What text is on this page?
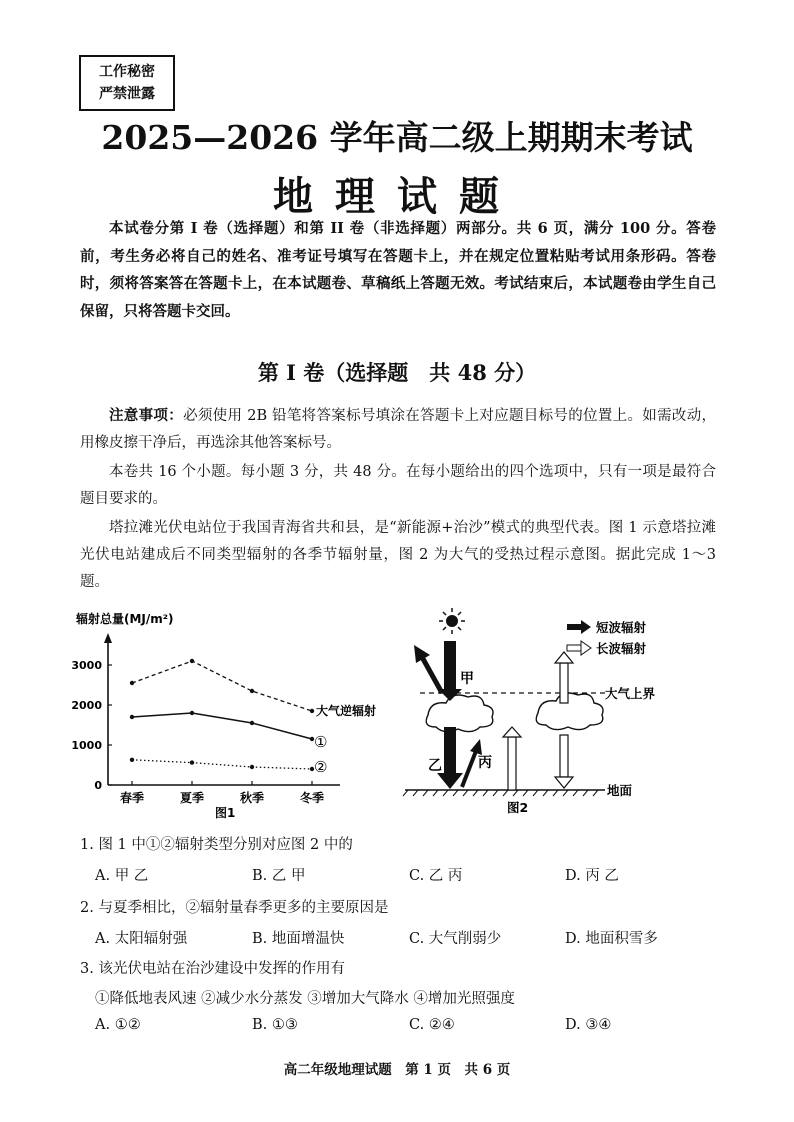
工作秘密
严禁泄露
2025—2026 学年高二级上期期末考试
地理试题
本试卷分第 I 卷（选择题）和第 II 卷（非选择题）两部分。共 6 页，满分 100 分。答卷前，考生务必将自己的姓名、准考证号填写在答题卡上，并在规定位置粘贴考试用条形码。答卷时，须将答案答在答题卡上，在本试题卷、草稿纸上答题无效。考试结束后，本试题卷由学生自己保留，只将答题卡交回。
第 I 卷（选择题　共 48 分）
注意事项：必须使用 2B 铅笔将答案标号填涂在答题卡上对应题目标号的位置上。如需改动，用橡皮擦干净后，再选涂其他答案标号。
本卷共 16 个小题。每小题 3 分，共 48 分。在每小题给出的四个选项中，只有一项是最符合题目要求的。
塔拉滩光伏电站位于我国青海省共和县，是“新能源+治沙”模式的典型代表。图 1 示意塔拉滩光伏电站建成后不同类型辐射的各季节辐射量，图 2 为大气的受热过程示意图。据此完成 1～3 题。
辐射总量(MJ/m²)
0
1000
2000
3000
春季	夏季	秋季	冬季
大气逆辐射
①
②
图1
短波辐射
长波辐射
大气上界
地面
甲
乙	丙
图2
1. 图 1 中①②辐射类型分别对应图 2 中的
A. 甲 乙	B. 乙 甲	C. 乙 丙	D. 丙 乙
2. 与夏季相比，②辐射量春季更多的主要原因是
A. 太阳辐射强	B. 地面增温快	C. 大气削弱少	D. 地面积雪多
3. 该光伏电站在治沙建设中发挥的作用有
①降低地表风速 ②减少水分蒸发 ③增加大气降水 ④增加光照强度
A. ①②	B. ①③	C. ②④	D. ③④
高二年级地理试题　第 1 页　共 6 页
